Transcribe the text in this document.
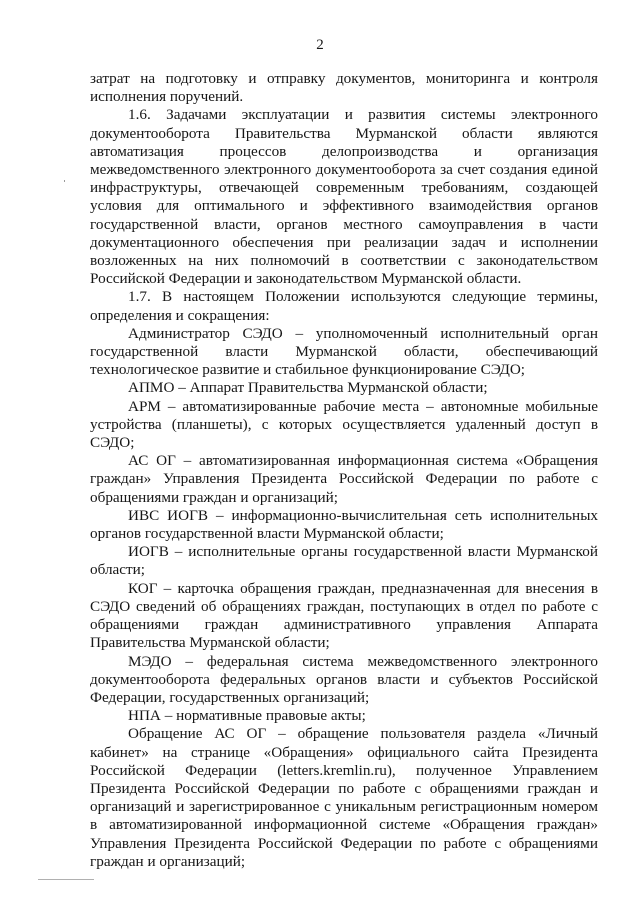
2

затрат на подготовку и отправку документов, мониторинга и контроля исполнения поручений.

1.6. Задачами эксплуатации и развития системы электронного документооборота Правительства Мурманской области являются автоматизация процессов делопроизводства и организация межведомственного электронного документооборота за счет создания единой инфраструктуры, отвечающей современным требованиям, создающей условия для оптимального и эффективного взаимодействия органов государственной власти, органов местного самоуправления в части документационного обеспечения при реализации задач и исполнении возложенных на них полномочий в соответствии с законодательством Российской Федерации и законодательством Мурманской области.

1.7. В настоящем Положении используются следующие термины, определения и сокращения:

Администратор СЭДО – уполномоченный исполнительный орган государственной власти Мурманской области, обеспечивающий технологическое развитие и стабильное функционирование СЭДО;

АПМО – Аппарат Правительства Мурманской области;

АРМ – автоматизированные рабочие места – автономные мобильные устройства (планшеты), с которых осуществляется удаленный доступ в СЭДО;

АС ОГ – автоматизированная информационная система «Обращения граждан» Управления Президента Российской Федерации по работе с обращениями граждан и организаций;

ИВС ИОГВ – информационно-вычислительная сеть исполнительных органов государственной власти Мурманской области;

ИОГВ – исполнительные органы государственной власти Мурманской области;

КОГ – карточка обращения граждан, предназначенная для внесения в СЭДО сведений об обращениях граждан, поступающих в отдел по работе с обращениями граждан административного управления Аппарата Правительства Мурманской области;

МЭДО – федеральная система межведомственного электронного документооборота федеральных органов власти и субъектов Российской Федерации, государственных организаций;

НПА – нормативные правовые акты;

Обращение АС ОГ – обращение пользователя раздела «Личный кабинет» на странице «Обращения» официального сайта Президента Российской Федерации (letters.kremlin.ru), полученное Управлением Президента Российской Федерации по работе с обращениями граждан и организаций и зарегистрированное с уникальным регистрационным номером в автоматизированной информационной системе «Обращения граждан» Управления Президента Российской Федерации по работе с обращениями граждан и организаций;
